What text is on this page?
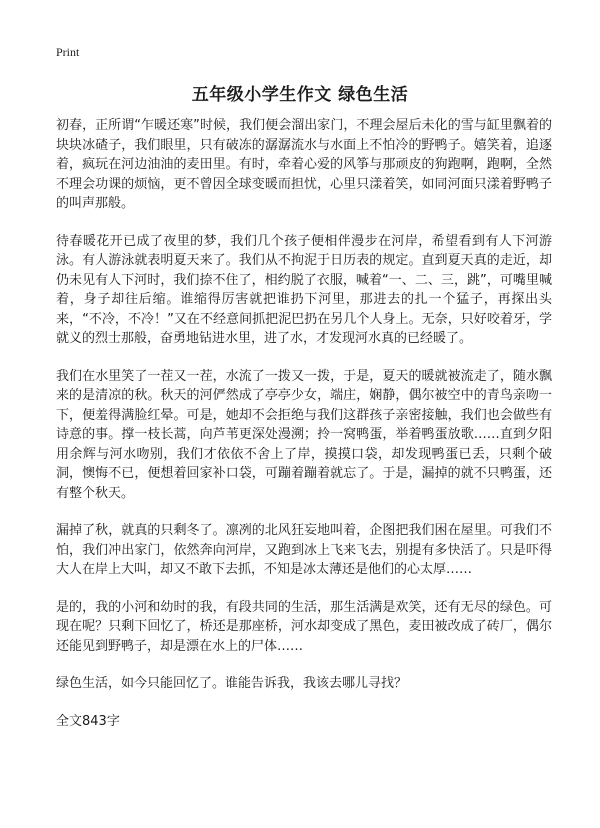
Print
五年级小学生作文 绿色生活

初春，正所谓“乍暖还寒”时候，我们便会溜出家门，不理会屋后未化的雪与缸里飘着的块块冰碴子，我们眼里，只有破冻的潺潺流水与水面上不怕冷的野鸭子。嬉笑着，追逐着，疯玩在河边油油的麦田里。有时，牵着心爱的风筝与那顽皮的狗跑啊，跑啊，全然不理会功课的烦恼，更不曾因全球变暖而担忧，心里只漾着笑，如同河面只漾着野鸭子的叫声那般。

待春暖花开已成了夜里的梦，我们几个孩子便相伴漫步在河岸，希望看到有人下河游泳。有人游泳就表明夏天来了。我们从不拘泥于日历表的规定。直到夏天真的走近，却仍未见有人下河时，我们捺不住了，相约脱了衣服，喊着“一、二、三，跳”，可嘴里喊着，身子却往后缩。谁缩得厉害就把谁扔下河里，那进去的扎一个猛子，再探出头来，“不冷，不冷！”又在不经意间抓把泥巴扔在另几个人身上。无奈，只好咬着牙，学就义的烈士那般，奋勇地钻进水里，进了水，才发现河水真的已经暖了。

我们在水里笑了一茬又一茬，水流了一拨又一拨，于是，夏天的暖就被流走了，随水飘来的是清凉的秋。秋天的河俨然成了亭亭少女，端庄，娴静，偶尔被空中的青鸟亲吻一下，便羞得满脸红晕。可是，她却不会拒绝与我们这群孩子亲密接触，我们也会做些有诗意的事。撑一枝长蒿，向芦苇更深处漫溯；拎一窝鸭蛋，举着鸭蛋放歌……直到夕阳用余辉与河水吻别，我们才依依不舍上了岸，摸摸口袋，却发现鸭蛋已丢，只剩个破洞，懊悔不已，便想着回家补口袋，可蹦着蹦着就忘了。于是，漏掉的就不只鸭蛋，还有整个秋天。

漏掉了秋，就真的只剩冬了。凛冽的北风狂妄地叫着，企图把我们困在屋里。可我们不怕，我们冲出家门，依然奔向河岸，又跑到冰上飞来飞去，别提有多快活了。只是吓得大人在岸上大叫，却又不敢下去抓，不知是冰太薄还是他们的心太厚……

是的，我的小河和幼时的我，有段共同的生活，那生活满是欢笑，还有无尽的绿色。可现在呢？只剩下回忆了，桥还是那座桥，河水却变成了黑色，麦田被改成了砖厂，偶尔还能见到野鸭子，却是漂在水上的尸体……

绿色生活，如今只能回忆了。谁能告诉我，我该去哪儿寻找？

全文843字
